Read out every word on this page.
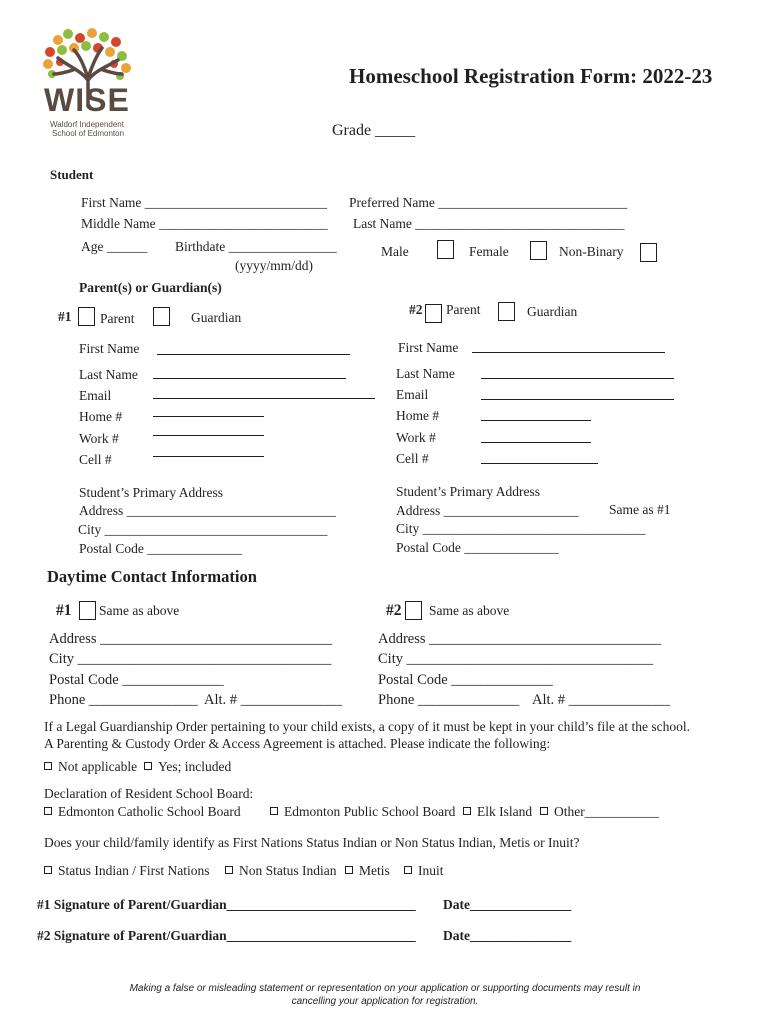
WISE
Waldorf Independent
School of Edmonton
Homeschool Registration Form: 2022-23
Grade _____
Student
First Name ___________________________ Preferred Name ____________________________
Middle Name _________________________ Last Name _______________________________
Age ______ Birthdate ________________
(yyyy/mm/dd)
Male	Female	Non-Binary
Parent(s) or Guardian(s)
#1 Parent	Guardian
#2 Parent	Guardian
First Name
Last Name
Email
Home #
Work #
Cell #
Student’s Primary Address
Address _______________________________
City _________________________________
Postal Code ______________
First Name
Last Name
Email
Home #
Work #
Cell #
Student’s Primary Address
Address ____________________ Same as #1
City _________________________________
Postal Code ______________
Daytime Contact Information
#1 Same as above	#2 Same as above
Address ________________________________
City ___________________________________
Postal Code ______________
Phone _______________ Alt. # ______________
Address ________________________________
City __________________________________
Postal Code ______________
Phone ______________ Alt. # ______________
If a Legal Guardianship Order pertaining to your child exists, a copy of it must be kept in your child’s file at the school.
A Parenting & Custody Order & Access Agreement is attached. Please indicate the following:
Not applicable	Yes; included
Declaration of Resident School Board:
Edmonton Catholic School Board	Edmonton Public School Board	Elk Island	Other___________
Does your child/family identify as First Nations Status Indian or Non Status Indian, Metis or Inuit?
Status Indian / First Nations	Non Status Indian	Metis	Inuit
#1 Signature of Parent/Guardian____________________________ Date_______________
#2 Signature of Parent/Guardian____________________________ Date_______________
Making a false or misleading statement or representation on your application or supporting documents may result in
cancelling your application for registration.
